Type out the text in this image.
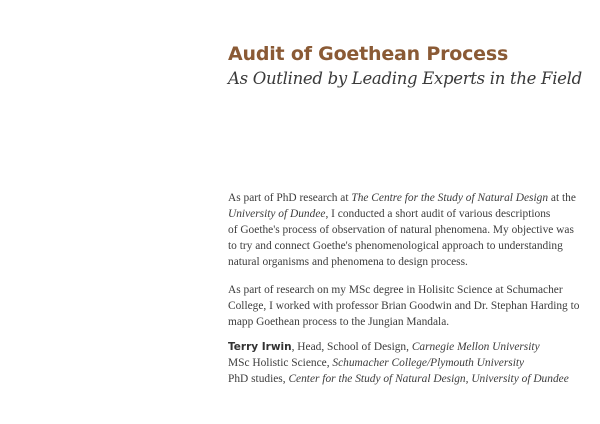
Audit of Goethean Process
As Outlined by Leading Experts in the Field
As part of PhD research at The Centre for the Study of Natural Design at the
University of Dundee, I conducted a short audit of various descriptions
of Goethe's process of observation of natural phenomena. My objective was
to try and connect Goethe's phenomenological approach to understanding
natural organisms and phenomena to design process.
As part of research on my MSc degree in Holisitc Science at Schumacher
College, I worked with professor Brian Goodwin and Dr. Stephan Harding to
mapp Goethean process to the Jungian Mandala.
Terry Irwin, Head, School of Design, Carnegie Mellon University
MSc Holistic Science, Schumacher College/Plymouth University
PhD studies, Center for the Study of Natural Design, University of Dundee
